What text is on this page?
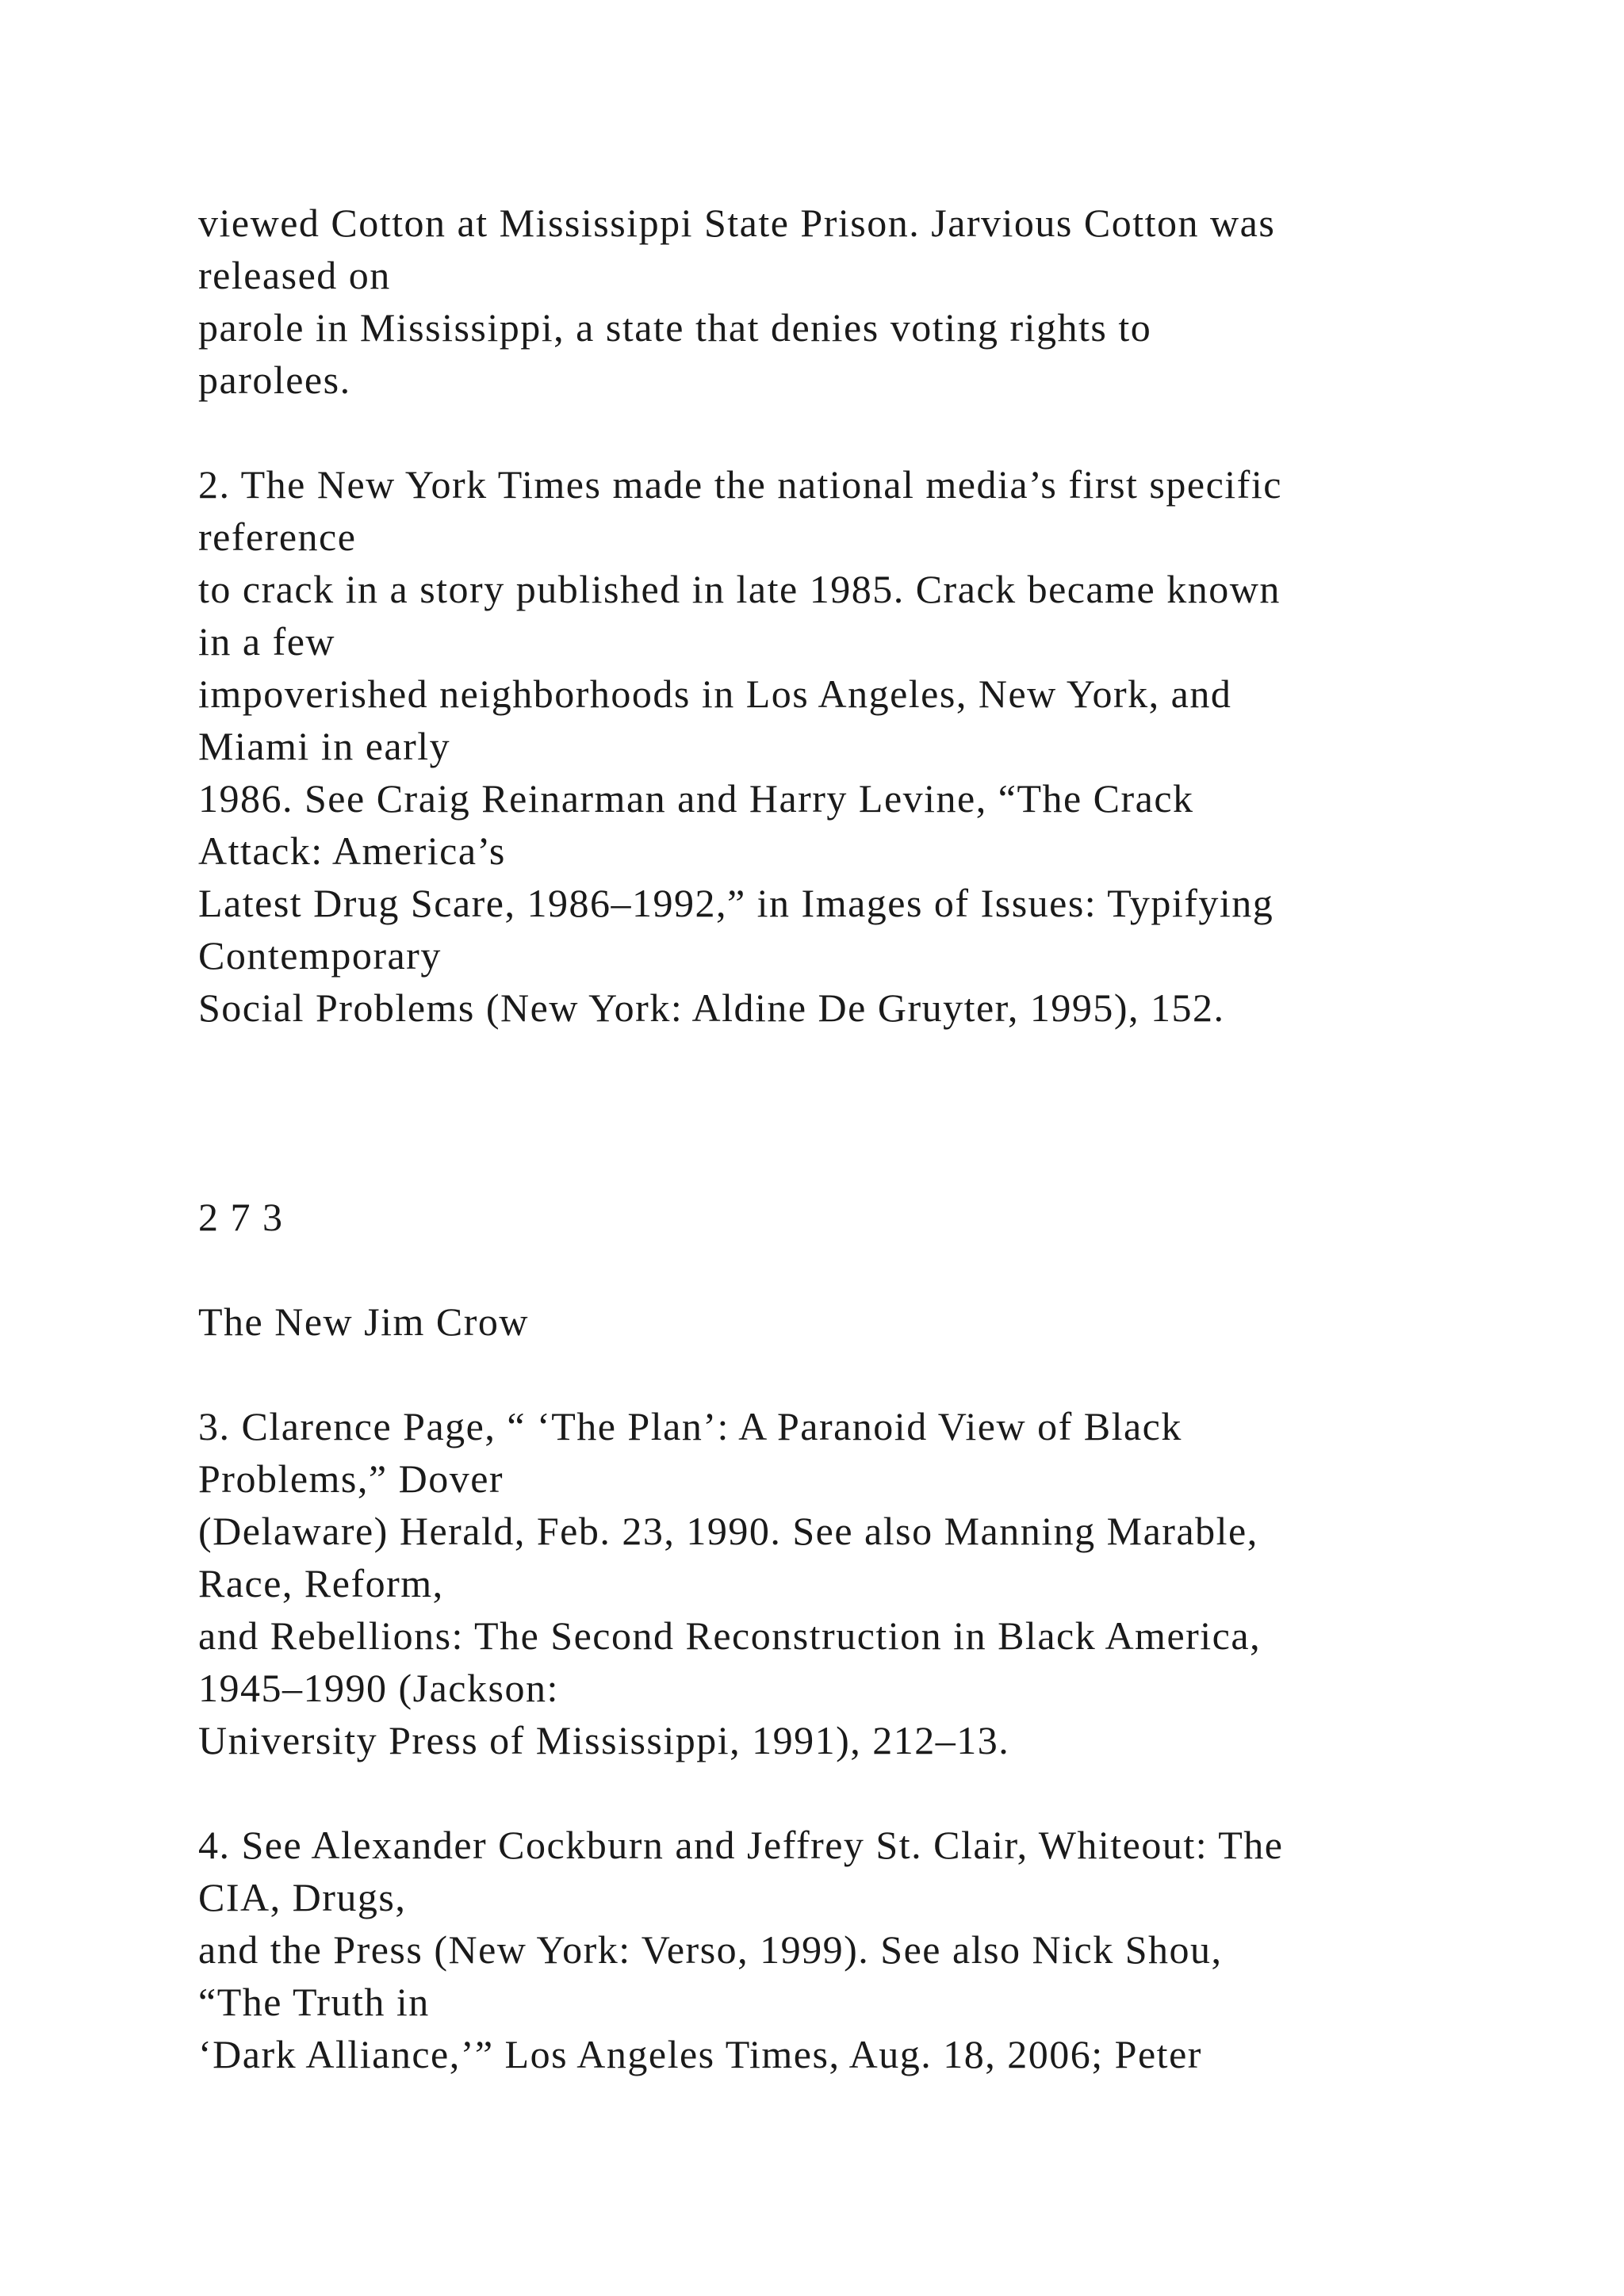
viewed Cotton at Mississippi State Prison. Jarvious Cotton was
released on
parole in Mississippi, a state that denies voting rights to
parolees.
2. The New York Times made the national media’s first specific
reference
to crack in a story published in late 1985. Crack became known
in a few
impoverished neighborhoods in Los Angeles, New York, and
Miami in early
1986. See Craig Reinarman and Harry Levine, “The Crack
Attack: America’s
Latest Drug Scare, 1986–1992,” in Images of Issues: Typifying
Contemporary
Social Problems (New York: Aldine De Gruyter, 1995), 152.
2 7 3
The New Jim Crow
3. Clarence Page, “ ‘The Plan’: A Paranoid View of Black
Problems,” Dover
(Delaware) Herald, Feb. 23, 1990. See also Manning Marable,
Race, Reform,
and Rebellions: The Second Reconstruction in Black America,
1945–1990 (Jackson:
University Press of Mississippi, 1991), 212–13.
4. See Alexander Cockburn and Jeffrey St. Clair, Whiteout: The
CIA, Drugs,
and the Press (New York: Verso, 1999). See also Nick Shou,
“The Truth in
‘Dark Alliance,’” Los Angeles Times, Aug. 18, 2006; Peter
